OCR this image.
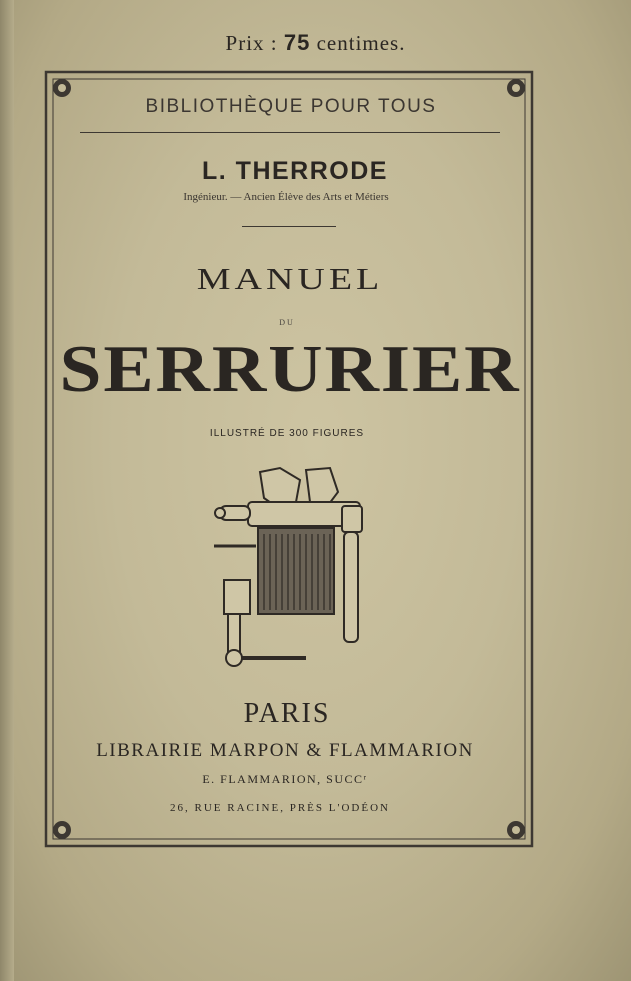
Prix : 75 centimes.
BIBLIOTHÈQUE POUR TOUS
L. THERRODE
Ingénieur. — Ancien Élève des Arts et Métiers
MANUEL
DU
SERRURIER
ILLUSTRÉ DE 300 FIGURES
PARIS
LIBRAIRIE MARPON & FLAMMARION
E. FLAMMARION, SUCCʳ
26, RUE RACINE, PRÈS L'ODÉON
